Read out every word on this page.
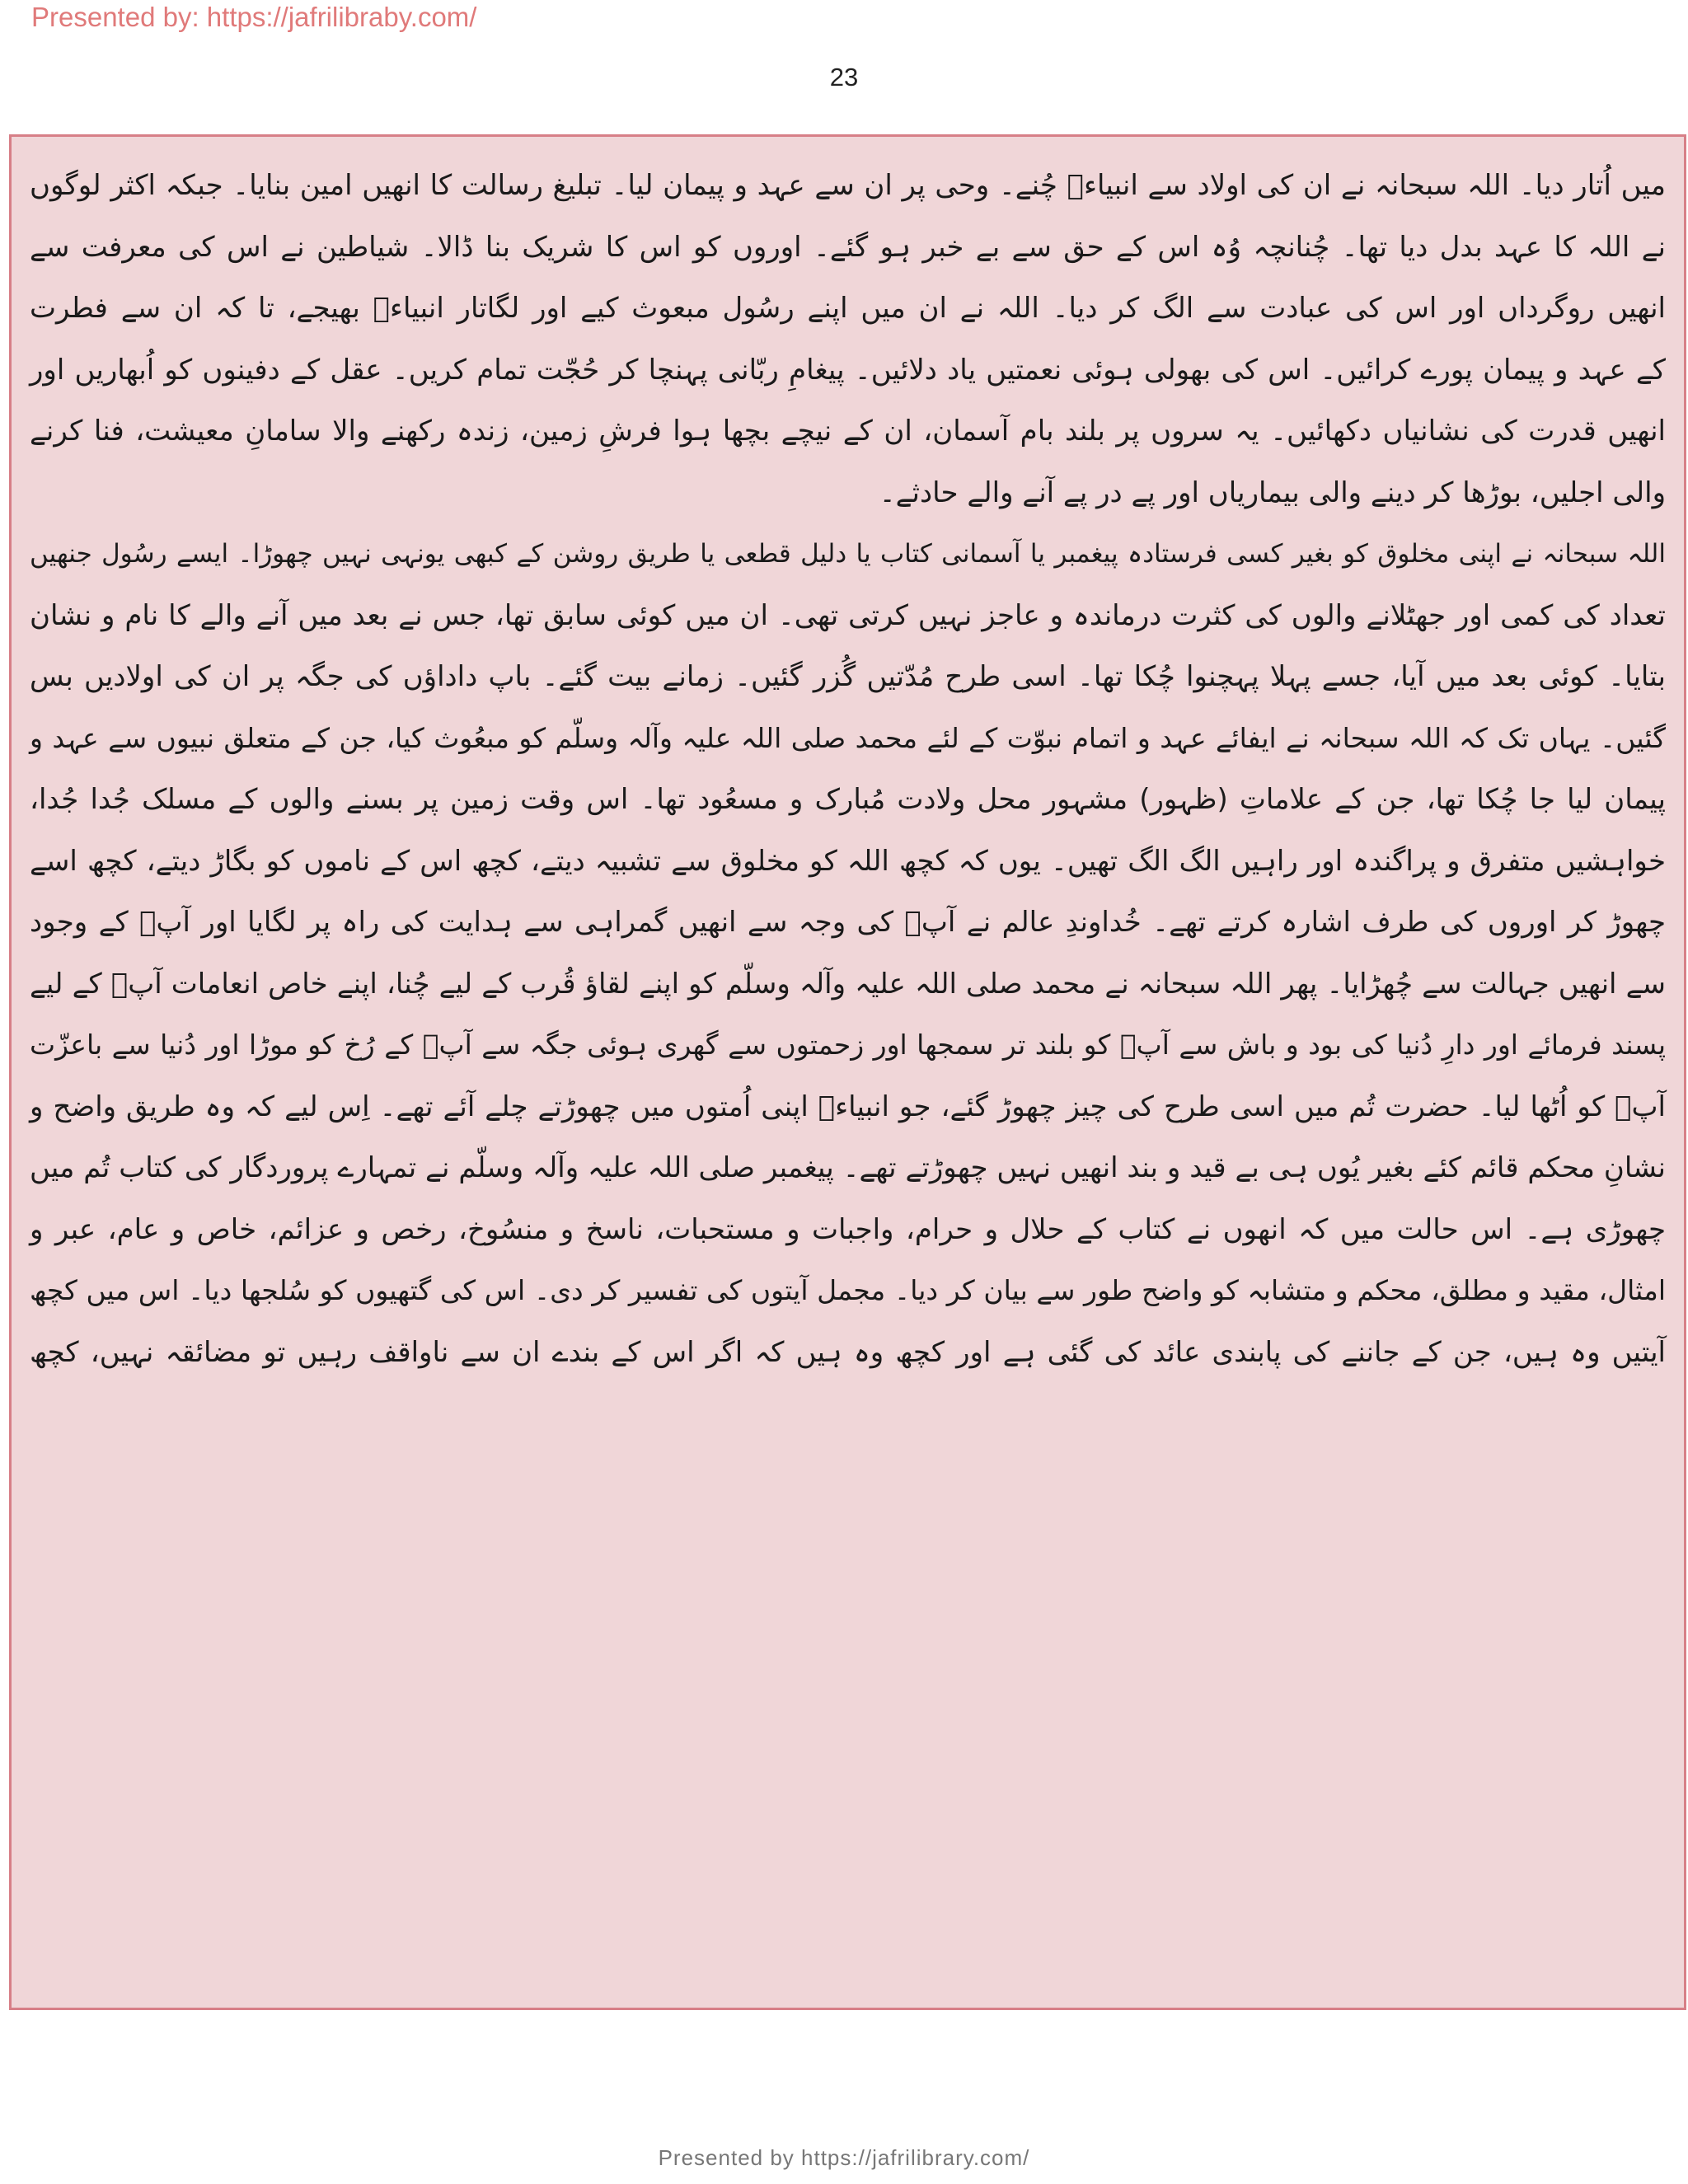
Presented by: https://jafrilibraby.com/
23
میں اُتار دیا۔ اللہ سبحانہ نے ان کی اولاد سے انبیاءؑ چُنے۔ وحی پر ان سے عہد و پیمان لیا۔ تبلیغ رسالت کا انھیں امین بنایا۔ جبکہ اکثر لوگوں
نے اللہ کا عہد بدل دیا تھا۔ چُنانچہ وُہ اس کے حق سے بے خبر ہو گئے۔ اوروں کو اس کا شریک بنا ڈالا۔ شیاطین نے اس کی معرفت سے
انھیں روگرداں اور اس کی عبادت سے الگ کر دیا۔ اللہ نے ان میں اپنے رسُول مبعوث کیے اور لگاتار انبیاءؑ بھیجے، تا کہ ان سے فطرت
کے عہد و پیمان پورے کرائیں۔ اس کی بھولی ہوئی نعمتیں یاد دلائیں۔ پیغامِ ربّانی پہنچا کر حُجّت تمام کریں۔ عقل کے دفینوں کو اُبھاریں اور
انھیں قدرت کی نشانیاں دکھائیں۔ یہ سروں پر بلند بام آسمان، ان کے نیچے بچھا ہوا فرشِ زمین، زندہ رکھنے والا سامانِ معیشت، فنا کرنے
والی اجلیں، بوڑھا کر دینے والی بیماریاں اور پے در پے آنے والے حادثے۔
اللہ سبحانہ نے اپنی مخلوق کو بغیر کسی فرستادہ پیغمبر یا آسمانی کتاب یا دلیل قطعی یا طریق روشن کے کبھی یونہی نہیں چھوڑا۔ ایسے رسُول جنھیں
تعداد کی کمی اور جھٹلانے والوں کی کثرت درماندہ و عاجز نہیں کرتی تھی۔ ان میں کوئی سابق تھا، جس نے بعد میں آنے والے کا نام و نشان
بتایا۔ کوئی بعد میں آیا، جسے پہلا پہچنوا چُکا تھا۔ اسی طرح مُدّتیں گُزر گئیں۔ زمانے بیت گئے۔ باپ داداؤں کی جگہ پر ان کی اولادیں بس
گئیں۔ یہاں تک کہ اللہ سبحانہ نے ایفائے عہد و اتمام نبوّت کے لئے محمد صلی اللہ علیہ وآلہ وسلّم کو مبعُوث کیا، جن کے متعلق نبیوں سے عہد و
پیمان لیا جا چُکا تھا، جن کے علاماتِ (ظہور) مشہور محل ولادت مُبارک و مسعُود تھا۔ اس وقت زمین پر بسنے والوں کے مسلک جُدا جُدا،
خواہشیں متفرق و پراگندہ اور راہیں الگ الگ تھیں۔ یوں کہ کچھ اللہ کو مخلوق سے تشبیہ دیتے، کچھ اس کے ناموں کو بگاڑ دیتے، کچھ اسے
چھوڑ کر اوروں کی طرف اشارہ کرتے تھے۔ خُداوندِ عالم نے آپؐ کی وجہ سے انھیں گمراہی سے ہدایت کی راہ پر لگایا اور آپؐ کے وجود
سے انھیں جہالت سے چُھڑایا۔ پھر اللہ سبحانہ نے محمد صلی اللہ علیہ وآلہ وسلّم کو اپنے لقاؤ قُرب کے لیے چُنا، اپنے خاص انعامات آپؐ کے لیے
پسند فرمائے اور دارِ دُنیا کی بود و باش سے آپؐ کو بلند تر سمجھا اور زحمتوں سے گھری ہوئی جگہ سے آپؐ کے رُخ کو موڑا اور دُنیا سے باعزّت
آپؐ کو اُٹھا لیا۔ حضرت تُم میں اسی طرح کی چیز چھوڑ گئے، جو انبیاءؑ اپنی اُمتوں میں چھوڑتے چلے آئے تھے۔ اِس لیے کہ وہ طریق واضح و
نشانِ محکم قائم کئے بغیر یُوں ہی بے قید و بند انھیں نہیں چھوڑتے تھے۔ پیغمبر صلی اللہ علیہ وآلہ وسلّم نے تمہارے پروردگار کی کتاب تُم میں
چھوڑی ہے۔ اس حالت میں کہ انھوں نے کتاب کے حلال و حرام، واجبات و مستحبات، ناسخ و منسُوخ، رخص و عزائم، خاص و عام، عبر و
امثال، مقید و مطلق، محکم و متشابہ کو واضح طور سے بیان کر دیا۔ مجمل آیتوں کی تفسیر کر دی۔ اس کی گتھیوں کو سُلجھا دیا۔ اس میں کچھ
آیتیں وہ ہیں، جن کے جاننے کی پابندی عائد کی گئی ہے اور کچھ وہ ہیں کہ اگر اس کے بندے ان سے ناواقف رہیں تو مضائقہ نہیں، کچھ
Presented by https://jafrilibrary.com/
